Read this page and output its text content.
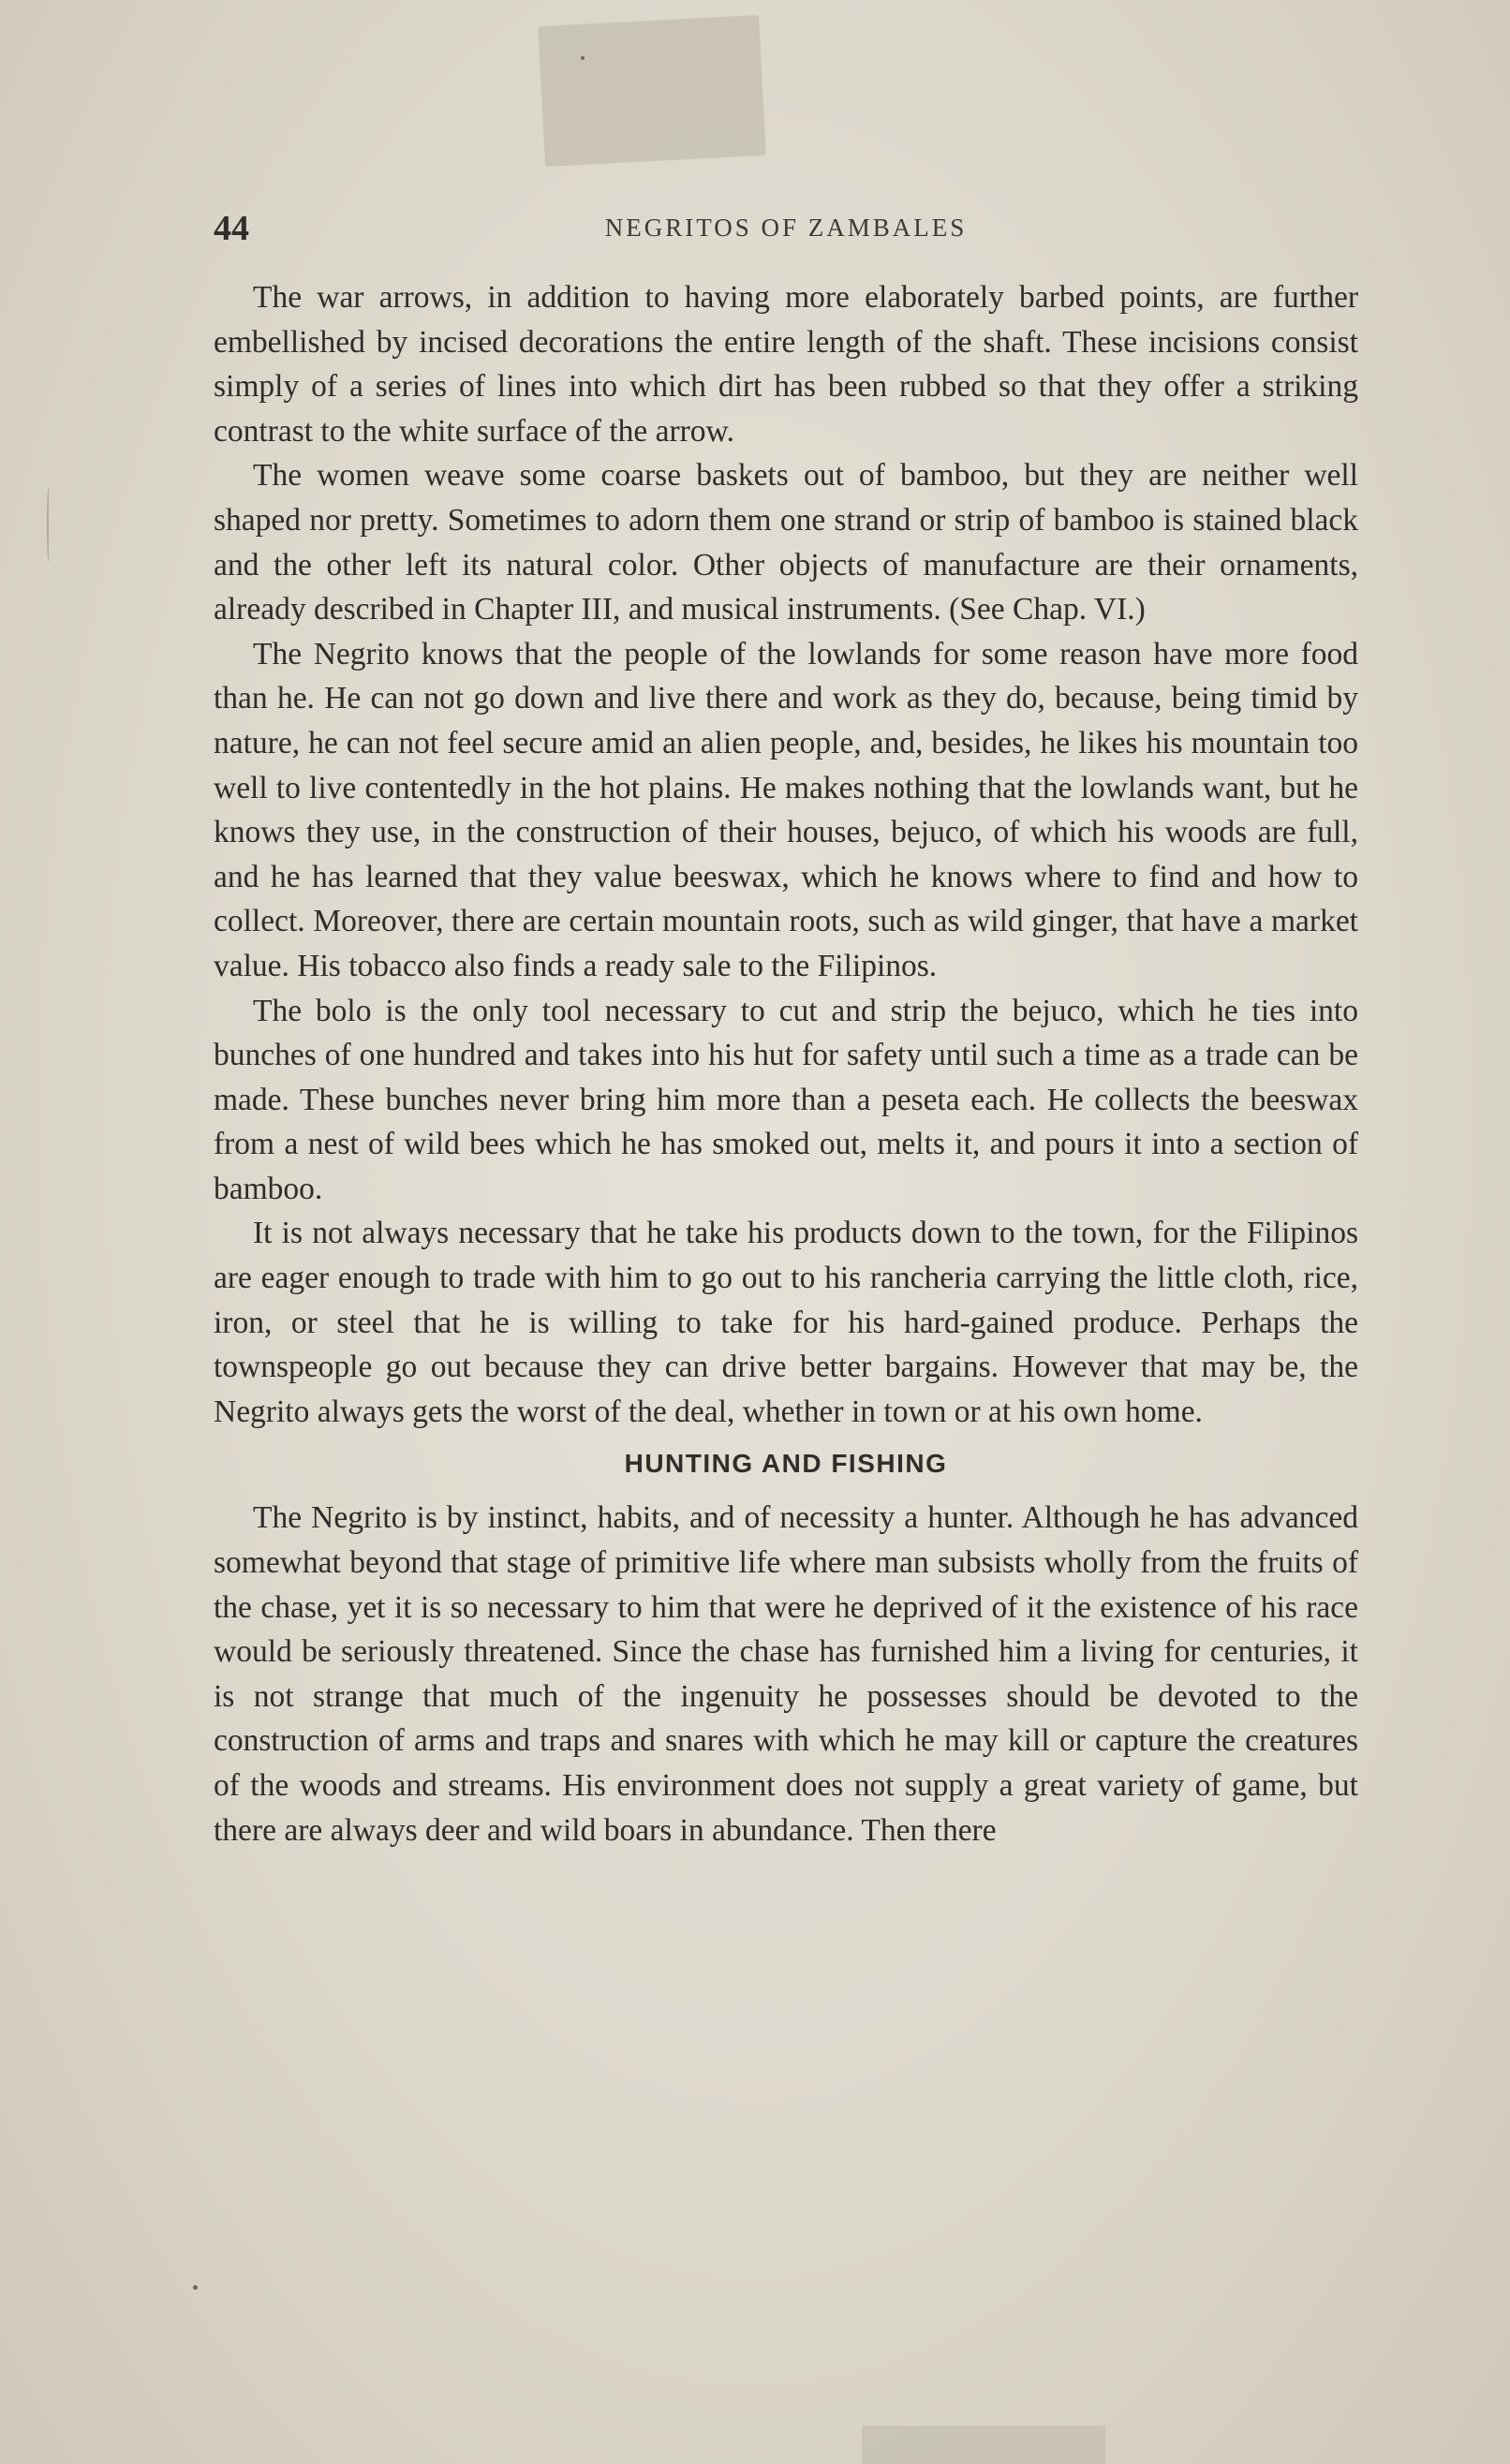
44	NEGRITOS OF ZAMBALES

The war arrows, in addition to having more elaborately barbed points, are further embellished by incised decorations the entire length of the shaft. These incisions consist simply of a series of lines into which dirt has been rubbed so that they offer a striking contrast to the white surface of the arrow.

The women weave some coarse baskets out of bamboo, but they are neither well shaped nor pretty. Sometimes to adorn them one strand or strip of bamboo is stained black and the other left its natural color. Other objects of manufacture are their ornaments, already described in Chapter III, and musical instruments. (See Chap. VI.)

The Negrito knows that the people of the lowlands for some reason have more food than he. He can not go down and live there and work as they do, because, being timid by nature, he can not feel secure amid an alien people, and, besides, he likes his mountain too well to live contentedly in the hot plains. He makes nothing that the lowlands want, but he knows they use, in the construction of their houses, bejuco, of which his woods are full, and he has learned that they value beeswax, which he knows where to find and how to collect. Moreover, there are certain mountain roots, such as wild ginger, that have a market value. His tobacco also finds a ready sale to the Filipinos.

The bolo is the only tool necessary to cut and strip the bejuco, which he ties into bunches of one hundred and takes into his hut for safety until such a time as a trade can be made. These bunches never bring him more than a peseta each. He collects the beeswax from a nest of wild bees which he has smoked out, melts it, and pours it into a section of bamboo.

It is not always necessary that he take his products down to the town, for the Filipinos are eager enough to trade with him to go out to his rancheria carrying the little cloth, rice, iron, or steel that he is willing to take for his hard-gained produce. Perhaps the townspeople go out because they can drive better bargains. However that may be, the Negrito always gets the worst of the deal, whether in town or at his own home.

HUNTING AND FISHING

The Negrito is by instinct, habits, and of necessity a hunter. Although he has advanced somewhat beyond that stage of primitive life where man subsists wholly from the fruits of the chase, yet it is so necessary to him that were he deprived of it the existence of his race would be seriously threatened. Since the chase has furnished him a living for centuries, it is not strange that much of the ingenuity he possesses should be devoted to the construction of arms and traps and snares with which he may kill or capture the creatures of the woods and streams. His environment does not supply a great variety of game, but there are always deer and wild boars in abundance. Then there
